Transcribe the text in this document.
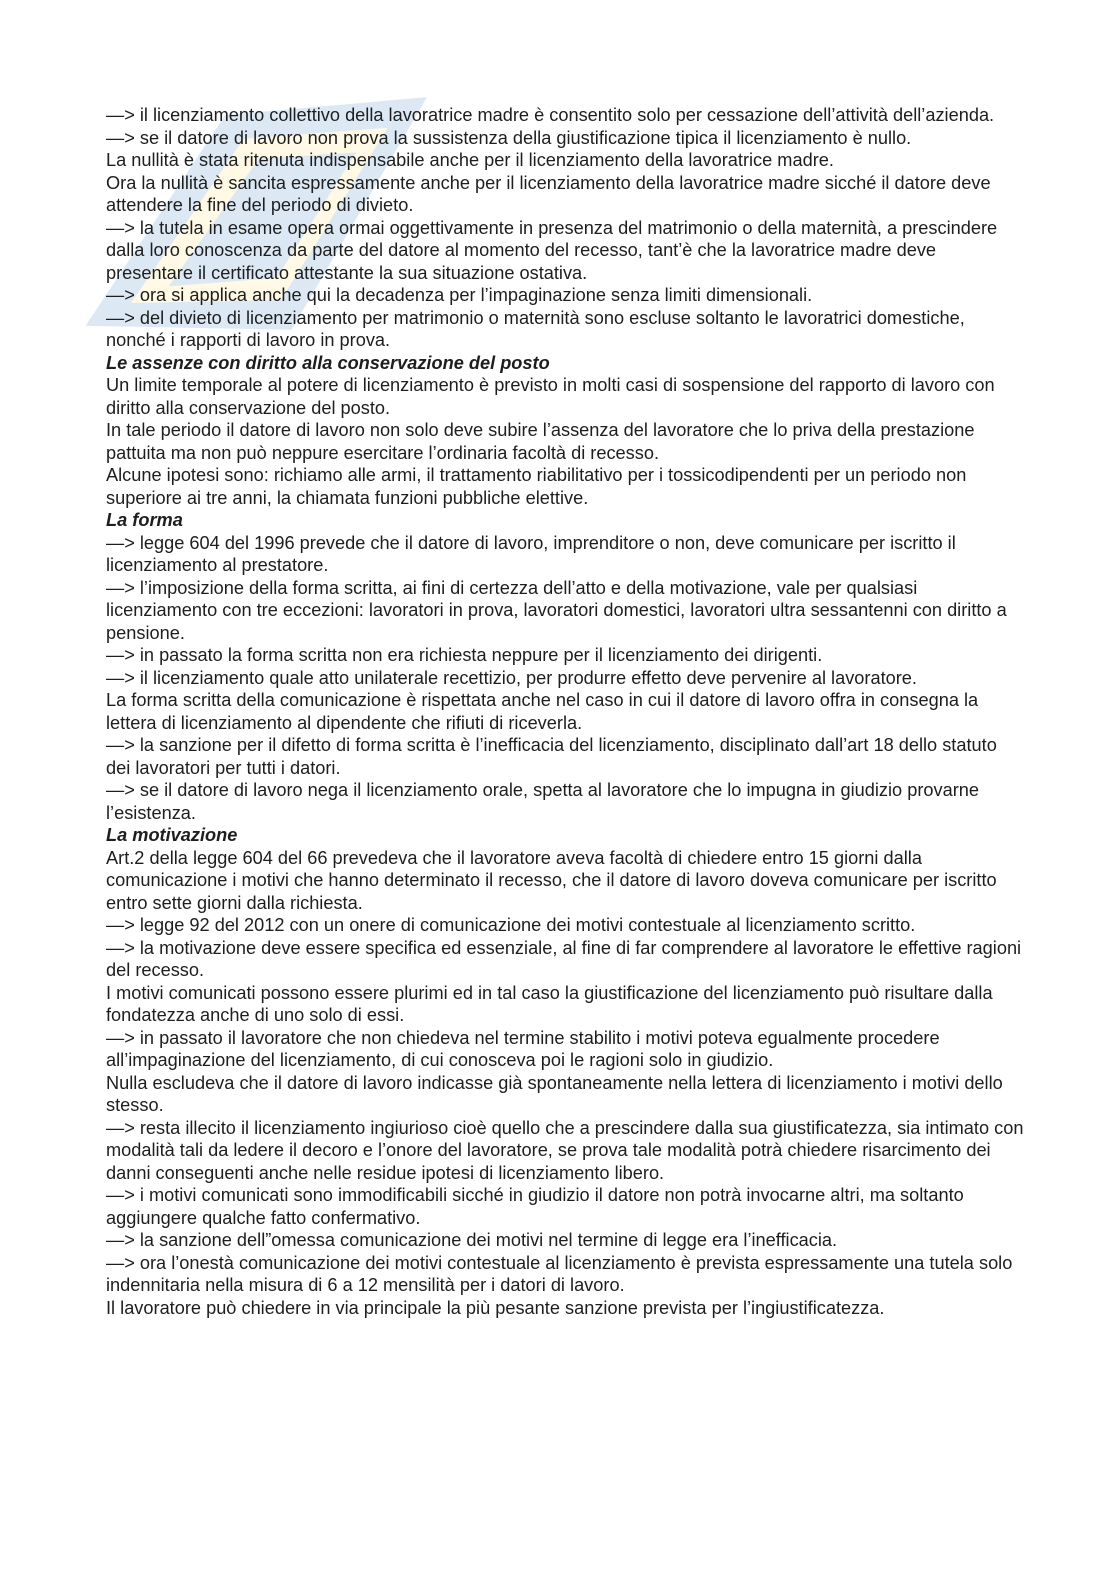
—> il licenziamento collettivo della lavoratrice madre è consentito solo per cessazione dell’attività dell’azienda.

—> se il datore di lavoro non prova la sussistenza della giustificazione tipica il licenziamento è nullo.

La nullità è stata ritenuta indispensabile anche per il licenziamento della lavoratrice madre.

Ora la nullità è sancita espressamente anche per il licenziamento della lavoratrice madre sicché il datore deve attendere la fine del periodo di divieto.

—> la tutela in esame opera ormai oggettivamente in presenza del matrimonio o della maternità, a prescindere dalla loro conoscenza da parte del datore al momento del recesso, tant’è che la lavoratrice madre deve presentare il certificato attestante la sua situazione ostativa.

—> ora si applica anche qui la decadenza per l’impaginazione senza limiti dimensionali.

—> del divieto di licenziamento per matrimonio o maternità sono escluse soltanto le lavoratrici domestiche, nonché i rapporti di lavoro in prova.

Le assenze con diritto alla conservazione del posto

Un limite temporale al potere di licenziamento è previsto in molti casi di sospensione del rapporto di lavoro con diritto alla conservazione del posto.

In tale periodo il datore di lavoro non solo deve subire l’assenza del lavoratore che lo priva della prestazione pattuita ma non può neppure esercitare l’ordinaria facoltà di recesso.

Alcune ipotesi sono: richiamo alle armi, il trattamento riabilitativo per i tossicodipendenti per un periodo non superiore ai tre anni, la chiamata funzioni pubbliche elettive.

La forma

—> legge 604 del 1996 prevede che il datore di lavoro, imprenditore o non, deve comunicare per iscritto il licenziamento al prestatore.

—> l’imposizione della forma scritta, ai fini di certezza dell’atto e della motivazione, vale per qualsiasi licenziamento con tre eccezioni: lavoratori in prova, lavoratori domestici, lavoratori ultra sessantenni con diritto a pensione.

—> in passato la forma scritta non era richiesta neppure per il licenziamento dei dirigenti.

—> il licenziamento quale atto unilaterale recettizio, per produrre effetto deve pervenire al lavoratore.

La forma scritta della comunicazione è rispettata anche nel caso in cui il datore di lavoro offra in consegna la lettera di licenziamento al dipendente che rifiuti di riceverla.

—> la sanzione per il difetto di forma scritta è l’inefficacia del licenziamento, disciplinato dall’art 18 dello statuto dei lavoratori per tutti i datori.

—> se il datore di lavoro nega il licenziamento orale, spetta al lavoratore che lo impugna in giudizio provarne l’esistenza.

La motivazione

Art.2 della legge 604 del 66 prevedeva che il lavoratore aveva facoltà di chiedere entro 15 giorni dalla comunicazione i motivi che hanno determinato il recesso, che il datore di lavoro doveva comunicare per iscritto entro sette giorni dalla richiesta.

—> legge 92 del 2012 con un onere di comunicazione dei motivi contestuale al licenziamento scritto.

—> la motivazione deve essere specifica ed essenziale, al fine di far comprendere al lavoratore le effettive ragioni del recesso.

I motivi comunicati possono essere plurimi ed in tal caso la giustificazione del licenziamento può risultare dalla fondatezza anche di uno solo di essi.

—> in passato il lavoratore che non chiedeva nel termine stabilito i motivi poteva egualmente procedere all’impaginazione del licenziamento, di cui conosceva poi le ragioni solo in giudizio.

Nulla escludeva che il datore di lavoro indicasse già spontaneamente nella lettera di licenziamento i motivi dello stesso.

—> resta illecito il licenziamento ingiurioso cioè quello che a prescindere dalla sua giustificatezza, sia intimato con modalità tali da ledere il decoro e l’onore del lavoratore, se prova tale modalità potrà chiedere risarcimento dei danni conseguenti anche nelle residue ipotesi di licenziamento libero.

—> i motivi comunicati sono immodificabili sicché in giudizio il datore non potrà invocarne altri, ma soltanto aggiungere qualche fatto confermativo.

—> la sanzione dell”omessa comunicazione dei motivi nel termine di legge era l’inefficacia.

—> ora l’onestà comunicazione dei motivi contestuale al licenziamento è prevista espressamente una tutela solo indennitaria nella misura di 6 a 12 mensilità per i datori di lavoro.

Il lavoratore può chiedere in via principale la più pesante sanzione prevista per l’ingiustificatezza.
